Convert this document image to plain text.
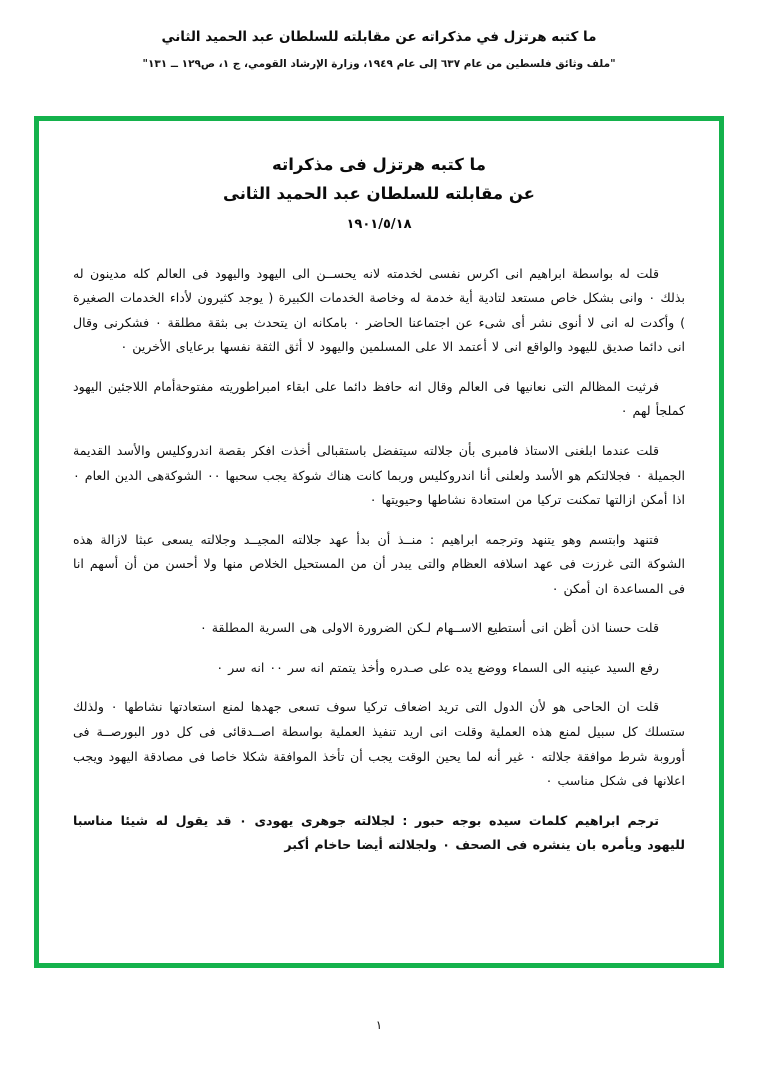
ما كتبه هرتزل في مذكراته عن مقابلته للسلطان عبد الحميد الثاني
"ملف وثائق فلسطين من عام ٦٣٧ إلى عام ١٩٤٩، وزارة الإرشاد القومي، ج ١، ص١٢٩ ــ ١٣١"
ما كتبه هرتزل فى مذكراته
عن مقابلته للسلطان عبد الحميد الثانى
١٩٠١/٥/١٨

قلت له بواسطة ابراهيم انى اكرس نفسى لخدمته لانه يحســن الى اليهود واليهود فى العالم كله مدينون له بذلك ٠ وانى بشكل خاص مستعد لتادية أية خدمة له وخاصة الخدمات الكبيرة ( يوجد كثيرون لأداء الخدمات الصغيرة ) وأكدت له انى لا أنوى نشر أى شىء عن اجتماعنا الحاضر ٠ بامكانه ان يتحدث بى بثقة مطلقة ٠ فشكرنى وقال انى دائما صديق لليهود والواقع انى لا أعتمد الا على المسلمين واليهود لا أثق الثقة نفسها برعاياى الأخرين ٠

فرثيت المظالم التى نعانيها فى العالم وقال انه حافظ دائما على ابقاء امبراطوريته مفتوحةأمام اللاجئين اليهود كملجأ لهم ٠

قلت عندما ابلغنى الاستاذ فامبرى بأن جلالته سيتفضل باستقبالى أخذت افكر بقصة اندروكليس والأسد القديمة الجميلة ٠ فجلالتكم هو الأسد ولعلنى أنا اندروكليس وربما كانت هناك شوكة يجب سحبها ٠٠ الشوكةهى الدين العام ٠ اذا أمكن ازالتها تمكنت تركيا من استعادة نشاطها وحيويتها ٠

فتنهد وابتسم وهو يتنهد وترجمه ابراهيم : منــذ أن بدأ عهد جلالته المجيــد وجلالته يسعى عبثا لازالة هذه الشوكة التى غرزت فى عهد اسلافه العظام والتى يبدر أن من المستحيل الخلاص منها ولا أحسن من أن أسهم انا فى المساعدة ان أمكن ٠

قلت حسنا اذن أظن انى أستطيع الاســهام لـكن الضرورة الاولى هى السرية المطلقة ٠

رفع السيد عينيه الى السماء ووضع يده على صـدره وأخذ يتمتم انه سر ٠٠ انه سر ٠

قلت ان الحاحى هو لأن الدول التى تريد اضعاف تركيا سوف تسعى جهدها لمنع استعادتها نشاطها ٠ ولذلك ستسلك كل سبيل لمنع هذه العملية وقلت انى اريد تنفيذ العملية بواسطة اصــدقائى فى كل دور البورصــة فى أوروبة شرط موافقة جلالته ٠ غير أنه لما يحين الوقت يجب أن تأخذ الموافقة شكلا خاصا فى مصادقة اليهود ويجب اعلانها فى شكل مناسب ٠

ترجم ابراهيم كلمات سيده بوجه حبور : لجلالته جوهرى يهودى ٠ قد يقول له شيئا مناسبا لليهود ويأمره بان ينشره فى الصحف ٠ ولجلالته أيضا حاخام أكبر

١
